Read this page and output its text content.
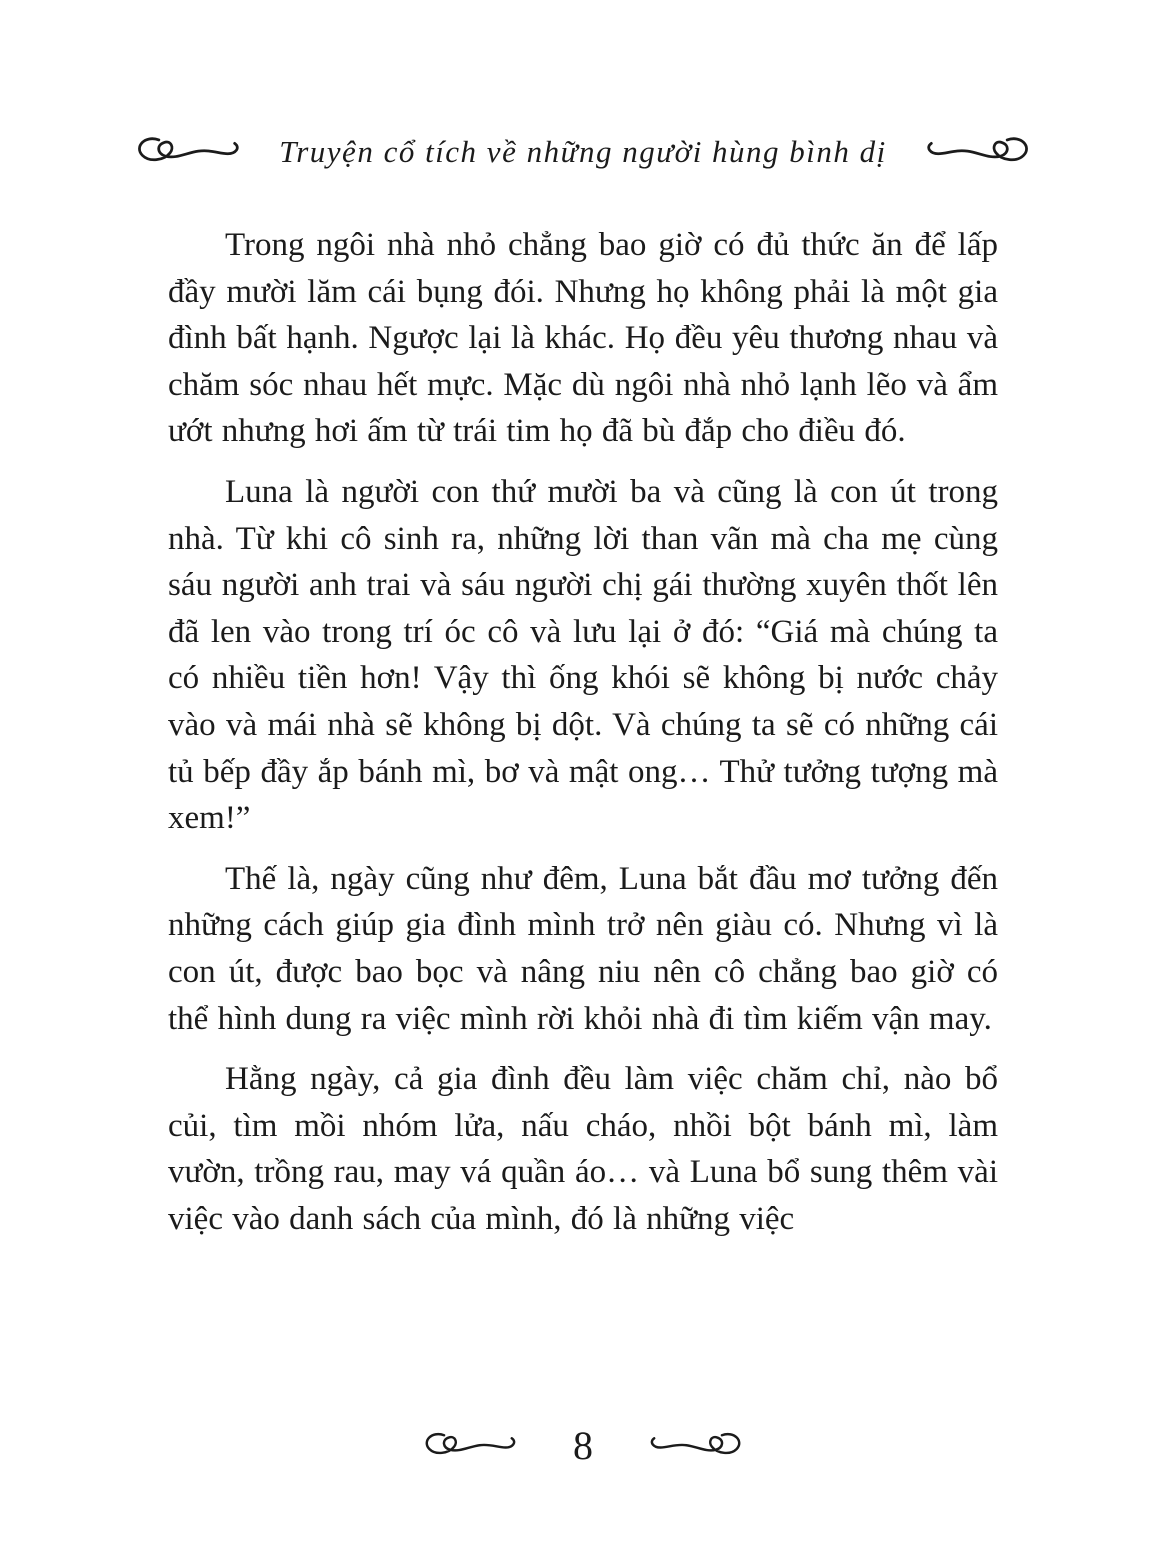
Truyện cổ tích về những người hùng bình dị

Trong ngôi nhà nhỏ chẳng bao giờ có đủ thức ăn để lấp đầy mười lăm cái bụng đói. Nhưng họ không phải là một gia đình bất hạnh. Ngược lại là khác. Họ đều yêu thương nhau và chăm sóc nhau hết mực. Mặc dù ngôi nhà nhỏ lạnh lẽo và ẩm ướt nhưng hơi ấm từ trái tim họ đã bù đắp cho điều đó.

Luna là người con thứ mười ba và cũng là con út trong nhà. Từ khi cô sinh ra, những lời than vãn mà cha mẹ cùng sáu người anh trai và sáu người chị gái thường xuyên thốt lên đã len vào trong trí óc cô và lưu lại ở đó: “Giá mà chúng ta có nhiều tiền hơn! Vậy thì ống khói sẽ không bị nước chảy vào và mái nhà sẽ không bị dột. Và chúng ta sẽ có những cái tủ bếp đầy ắp bánh mì, bơ và mật ong… Thử tưởng tượng mà xem!”

Thế là, ngày cũng như đêm, Luna bắt đầu mơ tưởng đến những cách giúp gia đình mình trở nên giàu có. Nhưng vì là con út, được bao bọc và nâng niu nên cô chẳng bao giờ có thể hình dung ra việc mình rời khỏi nhà đi tìm kiếm vận may.

Hằng ngày, cả gia đình đều làm việc chăm chỉ, nào bổ củi, tìm mồi nhóm lửa, nấu cháo, nhồi bột bánh mì, làm vườn, trồng rau, may vá quần áo… và Luna bổ sung thêm vài việc vào danh sách của mình, đó là những việc

8
